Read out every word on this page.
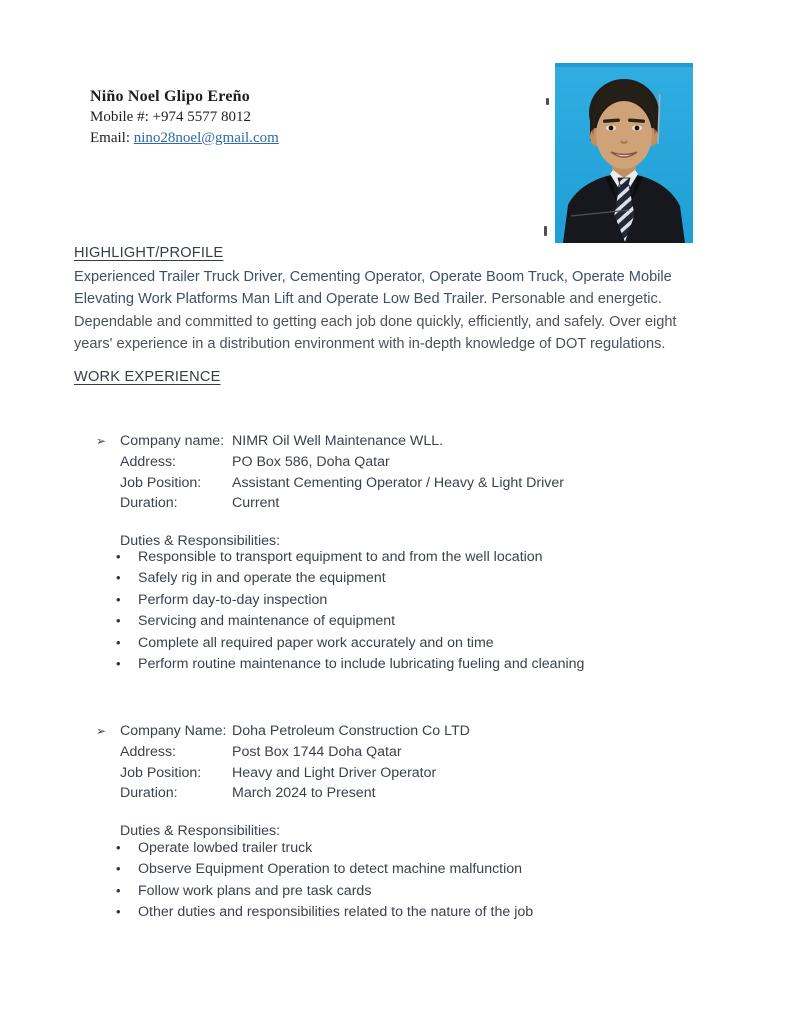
Niño Noel Glipo Ereño
Mobile #: +974 5577 8012
Email: nino28noel@gmail.com
HIGHLIGHT/PROFILE
Experienced Trailer Truck Driver, Cementing Operator, Operate Boom Truck, Operate Mobile Elevating Work Platforms Man Lift and Operate Low Bed Trailer. Personable and energetic. Dependable and committed to getting each job done quickly, efficiently, and safely. Over eight years' experience in a distribution environment with in-depth knowledge of DOT regulations.
WORK EXPERIENCE
➢ Company name: NIMR Oil Well Maintenance WLL.
Address:	PO Box 586, Doha Qatar
Job Position:	Assistant Cementing Operator / Heavy & Light Driver
Duration:	Current
Duties & Responsibilities:
•	Responsible to transport equipment to and from the well location
•	Safely rig in and operate the equipment
•	Perform day-to-day inspection
•	Servicing and maintenance of equipment
•	Complete all required paper work accurately and on time
•	Perform routine maintenance to include lubricating fueling and cleaning
➢ Company Name: Doha Petroleum Construction Co LTD
Address:	Post Box 1744 Doha Qatar
Job Position:	Heavy and Light Driver Operator
Duration:	March 2024 to Present
Duties & Responsibilities:
•	Operate lowbed trailer truck
•	Observe Equipment Operation to detect machine malfunction
•	Follow work plans and pre task cards
•	Other duties and responsibilities related to the nature of the job
